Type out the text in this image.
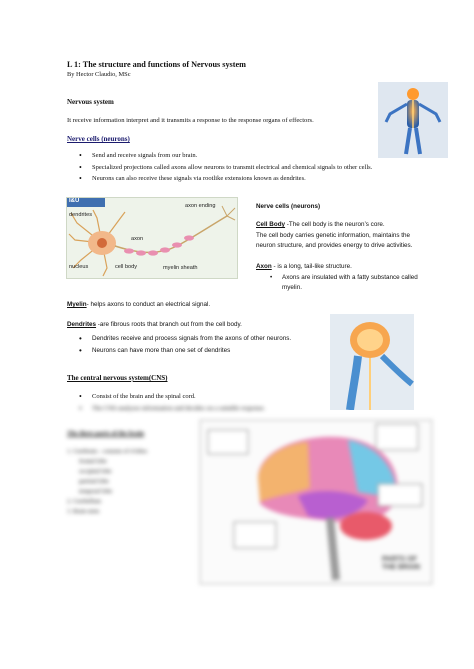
L 1: The structure and functions of Nervous system
By Hector Claudio, MSc
Nervous system
It receive information interpret and it transmits a response to the response organs of effectors.
Nerve cells (neurons)
• Send and receive signals from our brain.
• Specialized projections called axons allow neurons to transmit electrical and chemical signals to other cells.
• Neurons can also receive these signals via rootlike extensions known as dendrites.
I&U
dendrites
nucleus	cell body
axon
axon ending
myelin sheath
Nerve cells (neurons)
Cell Body -The cell body is the neuron’s core.
The cell body carries genetic information, maintains the
neuron structure, and provides energy to drive activities.
Axon - is a long, tail-like structure.
• Axons are insulated with a fatty substance called
myelin.
Myelin- helps axons to conduct an electrical signal.
Dendrites -are fibrous roots that branch out from the cell body.
• Dendrites receive and process signals from the axons of other neurons.
• Neurons can have more than one set of dendrites
The central nervous system(CNS)
• Consist of the brain and the spinal cord.
• The CNS analyzes information and decides on a suitable response.
The three parts of the brain
1. Cerebrum – consists of 4 lobes
frontal lobe
occipital lobe
parietal lobe
temporal lobe
2. Cerebellum
3. Brain stem
PARTS OF THE BRAIN
